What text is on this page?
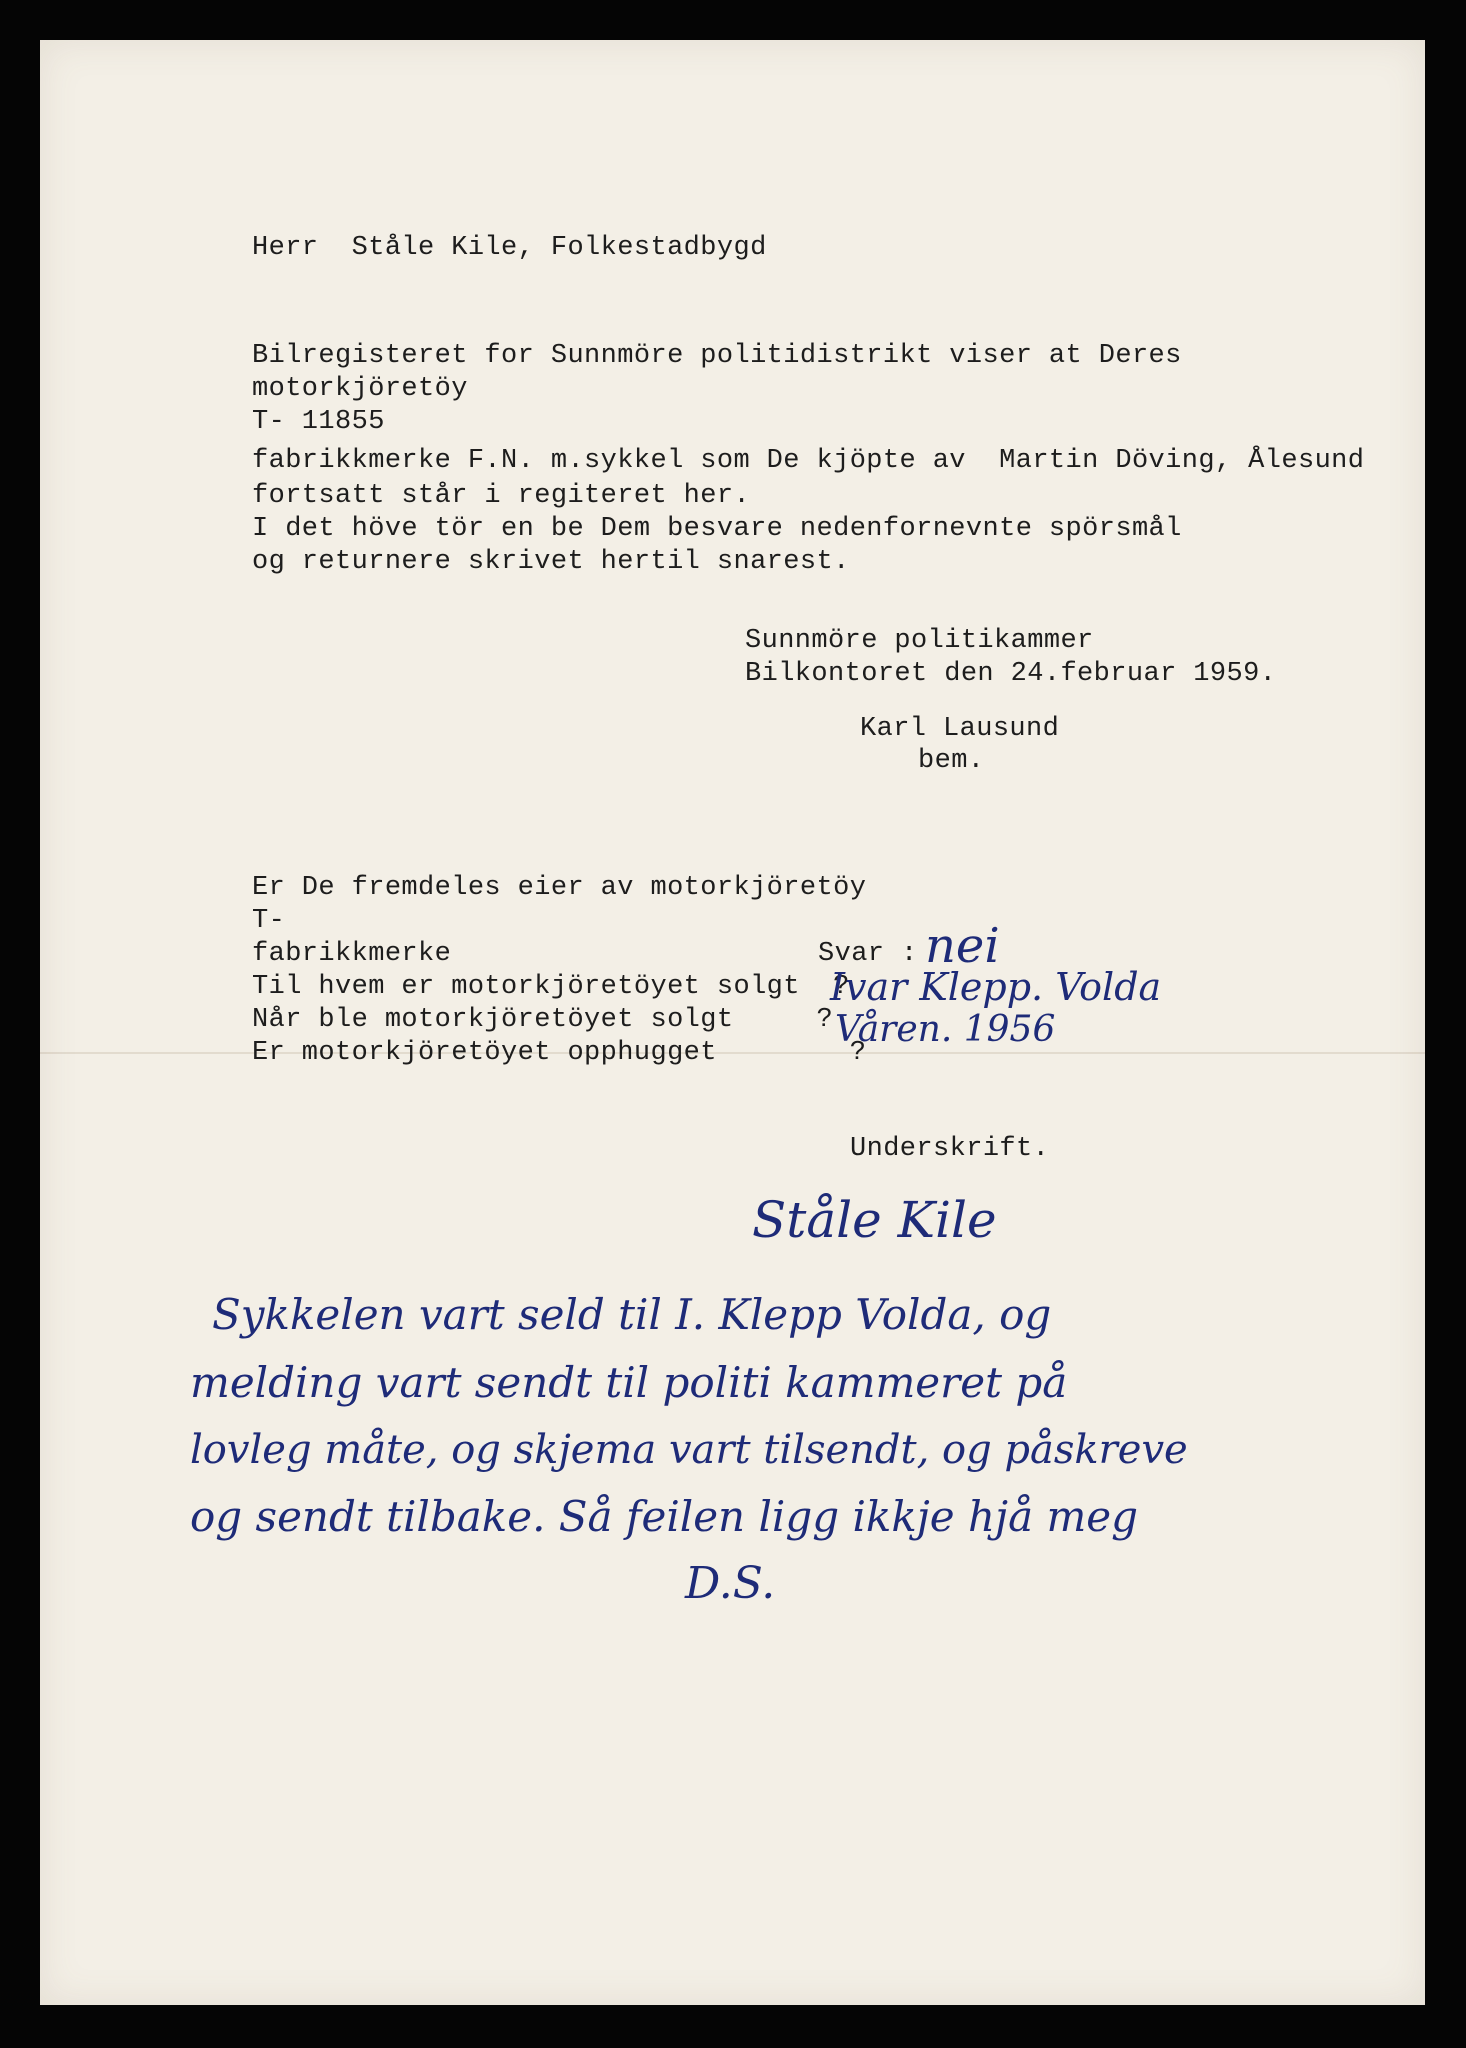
Herr  Ståle Kile, Folkestadbygd
Bilregisteret for Sunnmöre politidistrikt viser at Deres
motorkjöretöy
T- 11855
fabrikkmerke F.N. m.sykkel som De kjöpte av  Martin Döving, Ålesund
fortsatt står i regiteret her.
I det höve tör en be Dem besvare nedenfornevnte spörsmål
og returnere skrivet hertil snarest.
Sunnmöre politikammer
Bilkontoret den 24.februar 1959.
Karl Lausund
bem.
Er De fremdeles eier av motorkjöretöy
T-
fabrikkmerke	Svar :
Til hvem er motorkjöretöyet solgt  ?
Når ble motorkjöretöyet solgt     ?
Er motorkjöretöyet opphugget        ?
Underskrift.
nei
Ivar Klepp. Volda
Våren. 1956
Ståle Kile
Sykkelen vart seld til I. Klepp Volda, og
melding vart sendt til politi kammeret på
lovleg måte, og skjema vart tilsendt, og påskreve
og sendt tilbake. Så feilen ligg ikkje hjå meg
D.S.
